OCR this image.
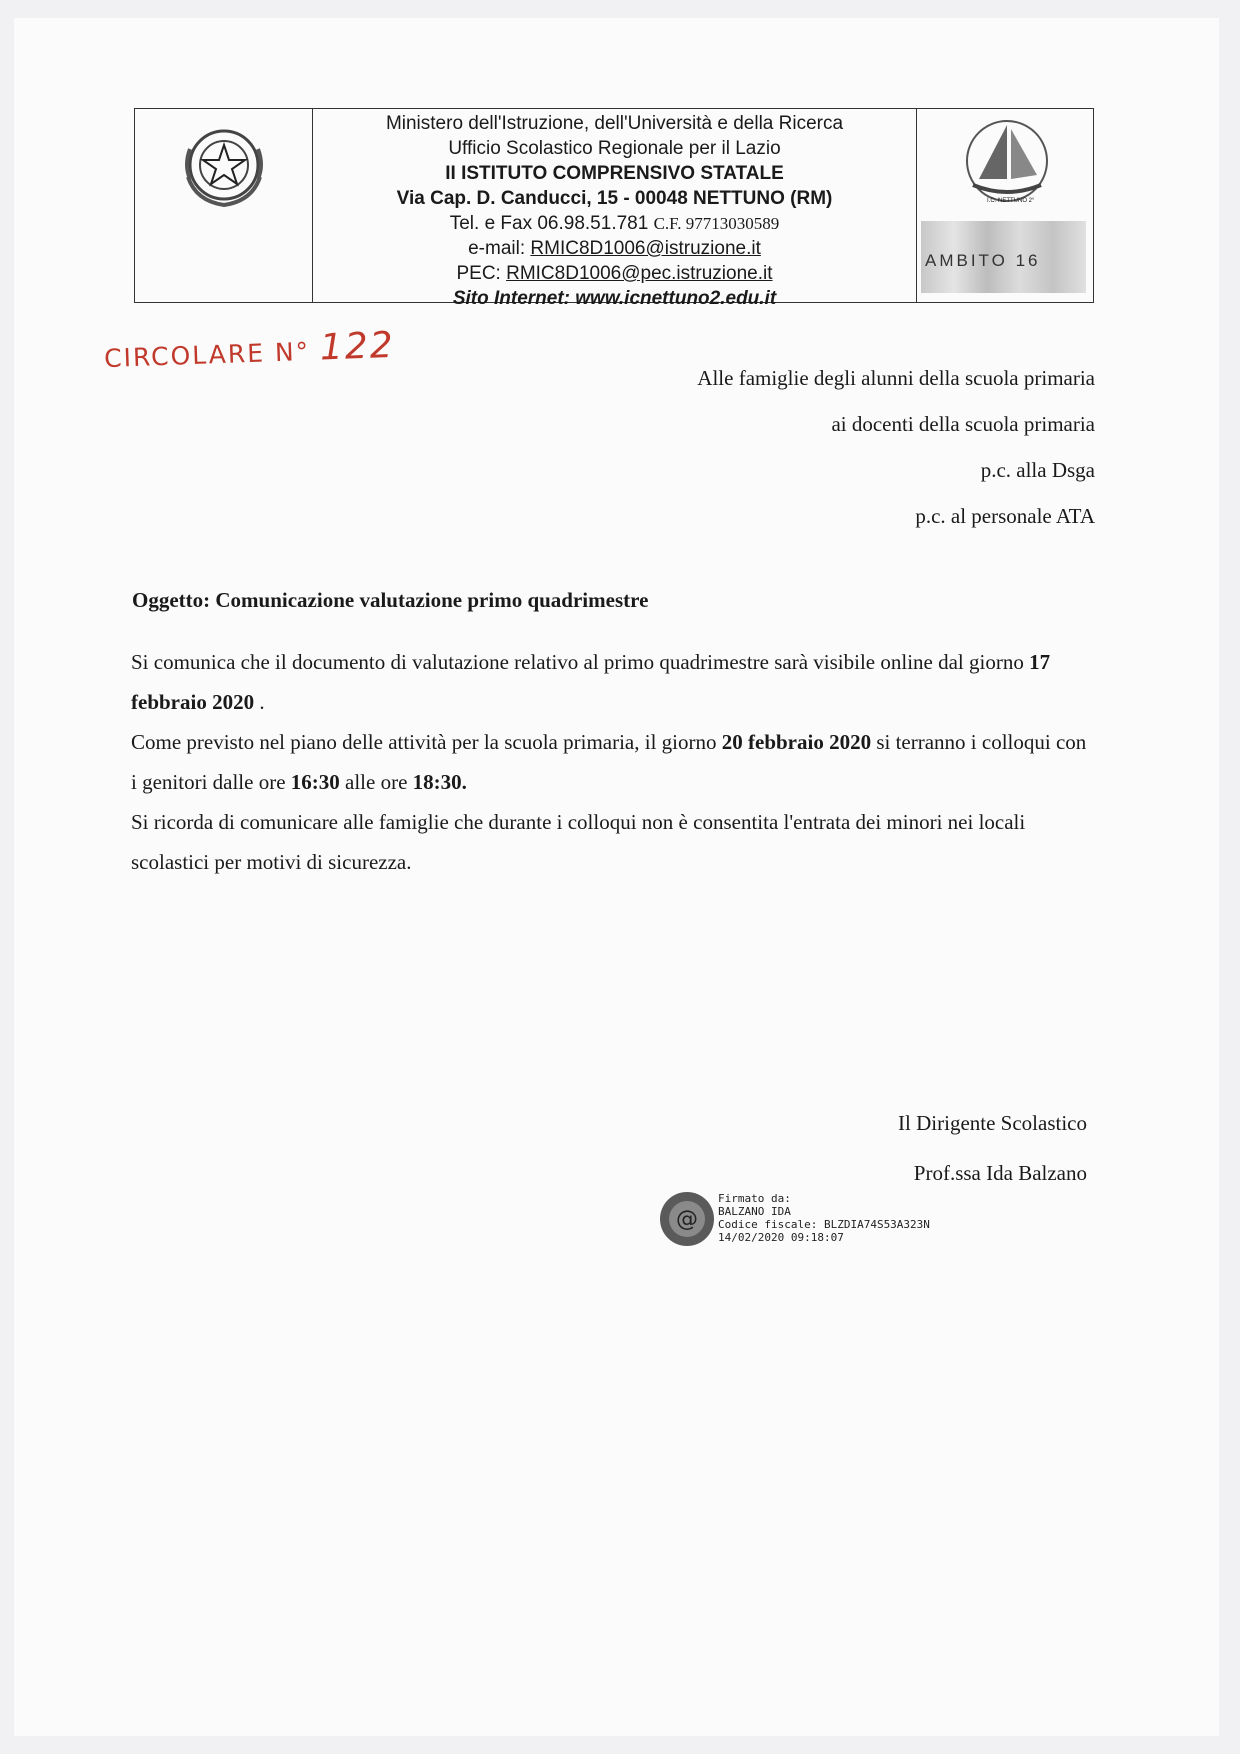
Ministero dell'Istruzione, dell'Università e della Ricerca
Ufficio Scolastico Regionale per il Lazio
II ISTITUTO COMPRENSIVO STATALE
Via Cap. D. Canducci, 15 - 00048 NETTUNO (RM)
Tel. e Fax 06.98.51.781 C.F. 97713030589
e-mail: RMIC8D1006@istruzione.it
PEC: RMIC8D1006@pec.istruzione.it
Sito Internet: www.icnettuno2.edu.it
I.C. NETTUNO 2°
AMBITO 16
CIRCOLARE N° 122
Alle famiglie degli alunni della scuola primaria
ai docenti della scuola primaria
p.c. alla Dsga
p.c. al personale ATA
Oggetto: Comunicazione valutazione primo quadrimestre

Si comunica che il documento di valutazione relativo al primo quadrimestre sarà visibile online dal giorno 17 febbraio 2020 .

Come previsto nel piano delle attività per la scuola primaria, il giorno 20 febbraio 2020 si terranno i colloqui con i genitori dalle ore 16:30 alle ore 18:30.

Si ricorda di comunicare alle famiglie che durante i colloqui non è consentita l'entrata dei minori nei locali scolastici per motivi di sicurezza.

Il Dirigente Scolastico
Prof.ssa Ida Balzano
@
Firmato da:
BALZANO IDA
Codice fiscale: BLZDIA74S53A323N
14/02/2020 09:18:07
